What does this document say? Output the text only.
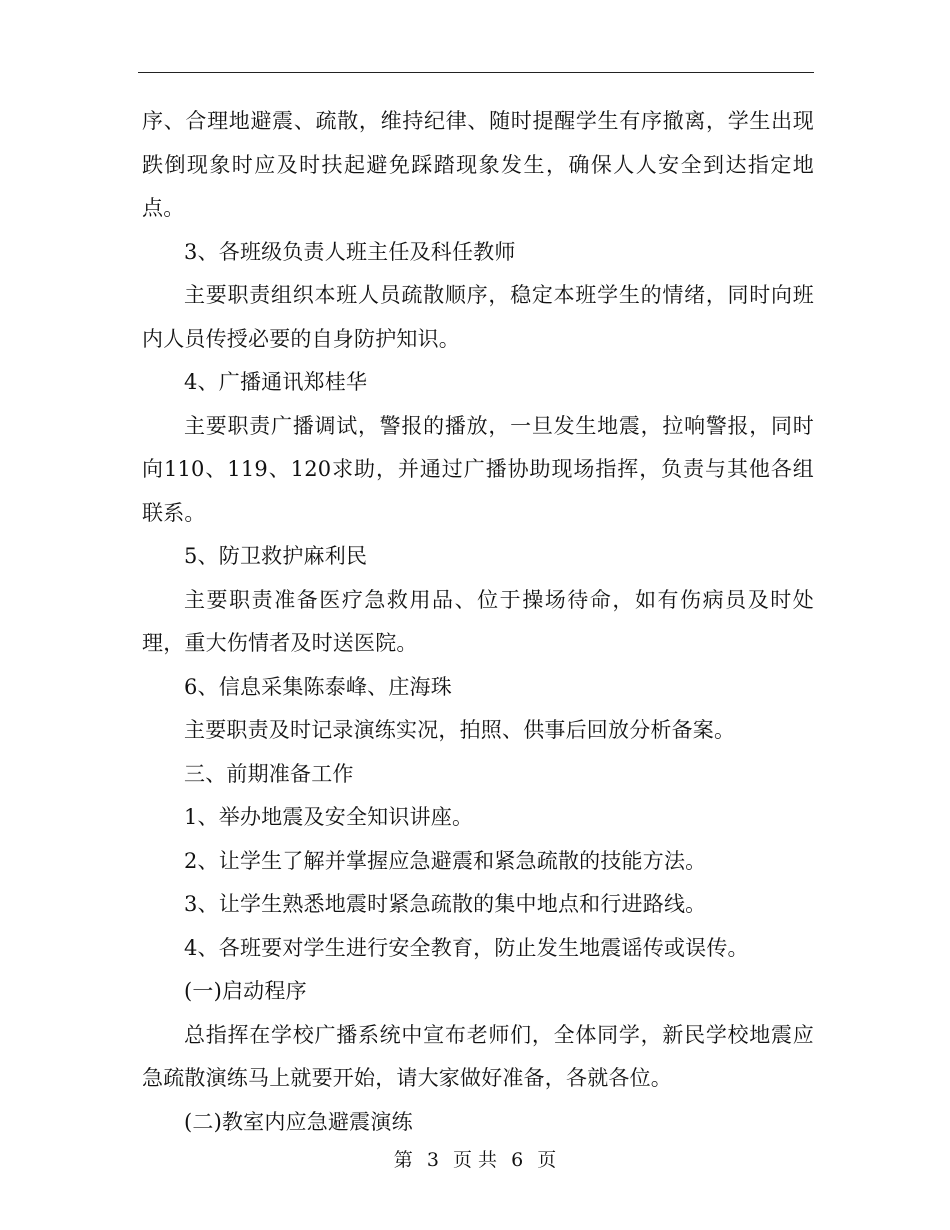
序、合理地避震、疏散，维持纪律、随时提醒学生有序撤离，学生出现跌倒现象时应及时扶起避免踩踏现象发生，确保人人安全到达指定地点。

3、各班级负责人班主任及科任教师

主要职责组织本班人员疏散顺序，稳定本班学生的情绪，同时向班内人员传授必要的自身防护知识。

4、广播通讯郑桂华

主要职责广播调试，警报的播放，一旦发生地震，拉响警报，同时向110、119、120求助，并通过广播协助现场指挥，负责与其他各组联系。

5、防卫救护麻利民

主要职责准备医疗急救用品、位于操场待命，如有伤病员及时处理，重大伤情者及时送医院。

6、信息采集陈泰峰、庄海珠

主要职责及时记录演练实况，拍照、供事后回放分析备案。

三、前期准备工作

1、举办地震及安全知识讲座。

2、让学生了解并掌握应急避震和紧急疏散的技能方法。

3、让学生熟悉地震时紧急疏散的集中地点和行进路线。

4、各班要对学生进行安全教育，防止发生地震谣传或误传。

(一)启动程序

总指挥在学校广播系统中宣布老师们，全体同学，新民学校地震应急疏散演练马上就要开始，请大家做好准备，各就各位。

(二)教室内应急避震演练

第 3 页 共 6 页
